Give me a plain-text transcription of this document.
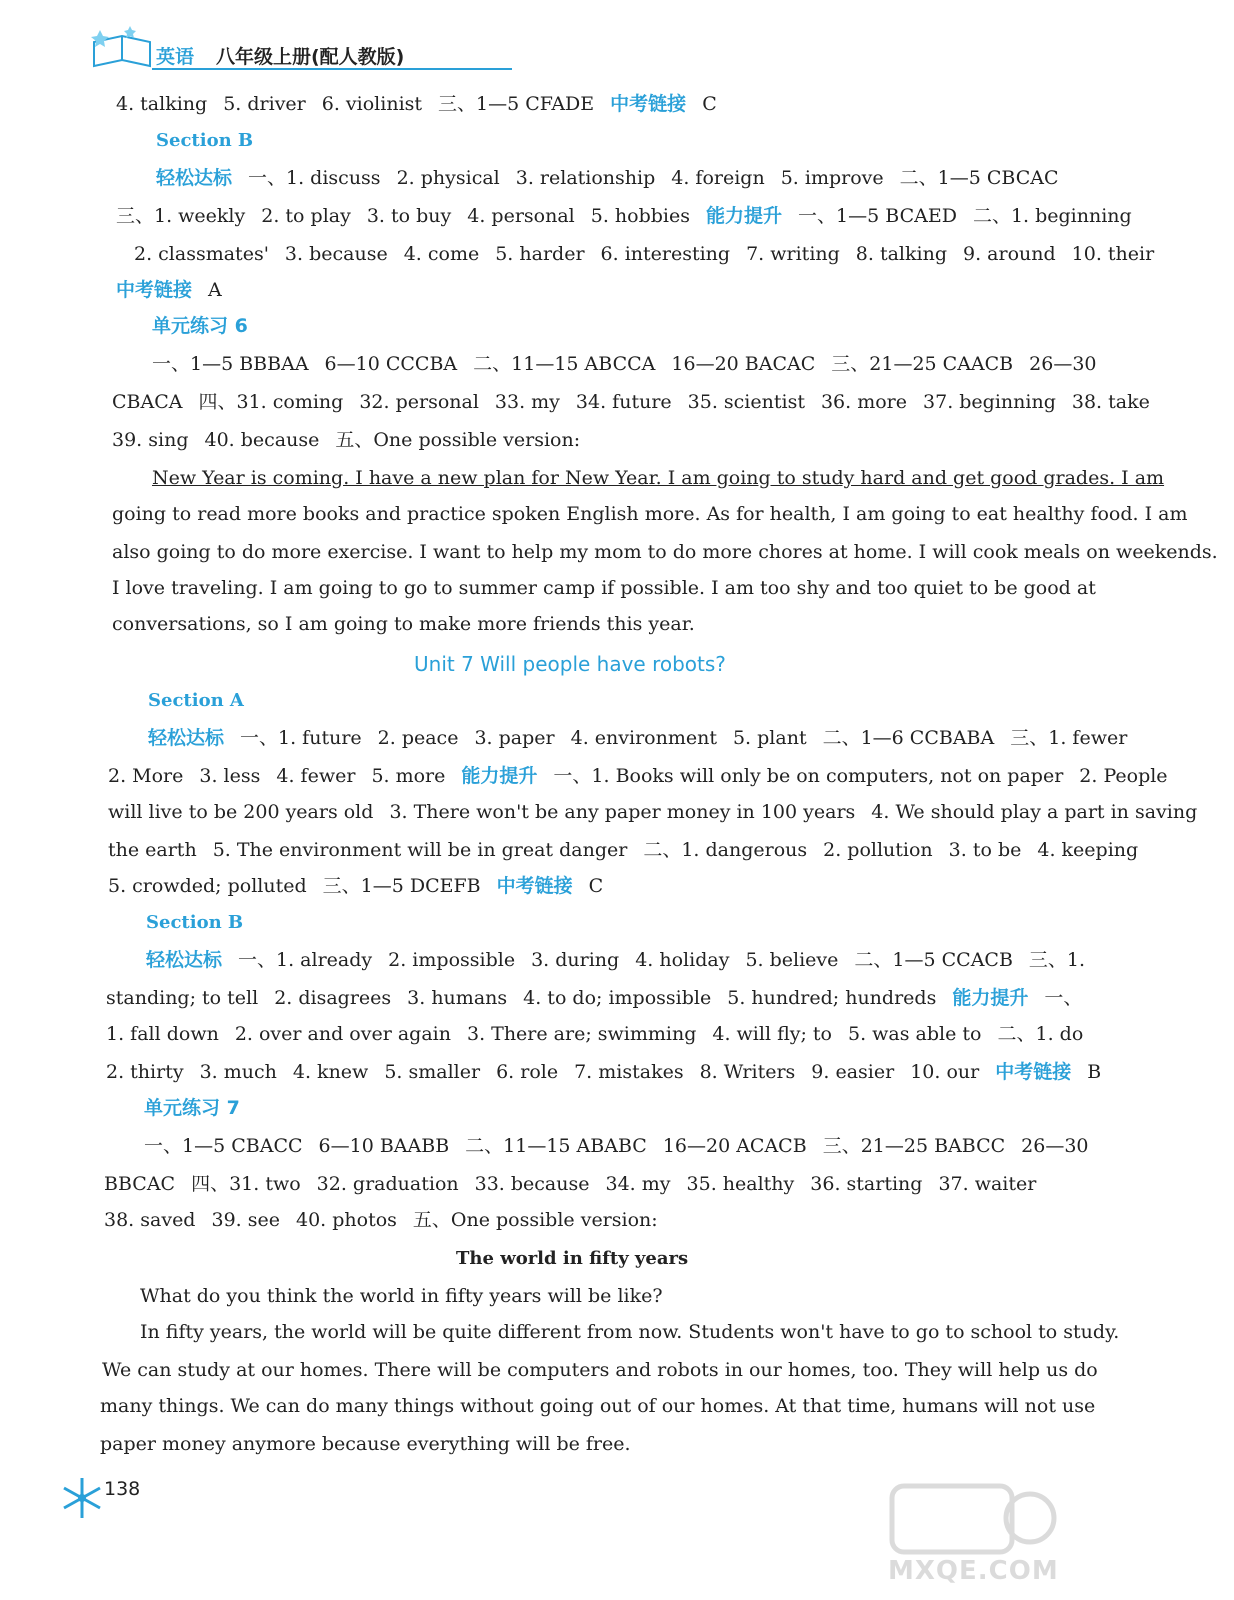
英语 八年级上册(配人教版)
4. talking 5. driver 6. violinist 三、1—5 CFADE 中考链接 C
Section B
轻松达标 一、1. discuss 2. physical 3. relationship 4. foreign 5. improve 二、1—5 CBCAC
三、1. weekly 2. to play 3. to buy 4. personal 5. hobbies 能力提升 一、1—5 BCAED 二、1. beginning
2. classmates' 3. because 4. come 5. harder 6. interesting 7. writing 8. talking 9. around 10. their
中考链接 A
单元练习 6
一、1—5 BBBAA 6—10 CCCBA 二、11—15 ABCCA 16—20 BACAC 三、21—25 CAACB 26—30
CBACA 四、31. coming 32. personal 33. my 34. future 35. scientist 36. more 37. beginning 38. take
39. sing 40. because 五、One possible version:
New Year is coming. I have a new plan for New Year. I am going to study hard and get good grades. I am
going to read more books and practice spoken English more. As for health, I am going to eat healthy food. I am
also going to do more exercise. I want to help my mom to do more chores at home. I will cook meals on weekends.
I love traveling. I am going to go to summer camp if possible. I am too shy and too quiet to be good at
conversations, so I am going to make more friends this year.
Unit 7 Will people have robots?
Section A
轻松达标 一、1. future 2. peace 3. paper 4. environment 5. plant 二、1—6 CCBABA 三、1. fewer
2. More 3. less 4. fewer 5. more 能力提升 一、1. Books will only be on computers, not on paper 2. People
will live to be 200 years old 3. There won't be any paper money in 100 years 4. We should play a part in saving
the earth 5. The environment will be in great danger 二、1. dangerous 2. pollution 3. to be 4. keeping
5. crowded; polluted 三、1—5 DCEFB 中考链接 C
Section B
轻松达标 一、1. already 2. impossible 3. during 4. holiday 5. believe 二、1—5 CCACB 三、1.
standing; to tell 2. disagrees 3. humans 4. to do; impossible 5. hundred; hundreds 能力提升 一、
1. fall down 2. over and over again 3. There are; swimming 4. will fly; to 5. was able to 二、1. do
2. thirty 3. much 4. knew 5. smaller 6. role 7. mistakes 8. Writers 9. easier 10. our 中考链接 B
单元练习 7
一、1—5 CBACC 6—10 BAABB 二、11—15 ABABC 16—20 ACACB 三、21—25 BABCC 26—30
BBCAC 四、31. two 32. graduation 33. because 34. my 35. healthy 36. starting 37. waiter
38. saved 39. see 40. photos 五、One possible version:
The world in fifty years
What do you think the world in fifty years will be like?
In fifty years, the world will be quite different from now. Students won't have to go to school to study.
We can study at our homes. There will be computers and robots in our homes, too. They will help us do
many things. We can do many things without going out of our homes. At that time, humans will not use
paper money anymore because everything will be free.
138
MXQE.COM
